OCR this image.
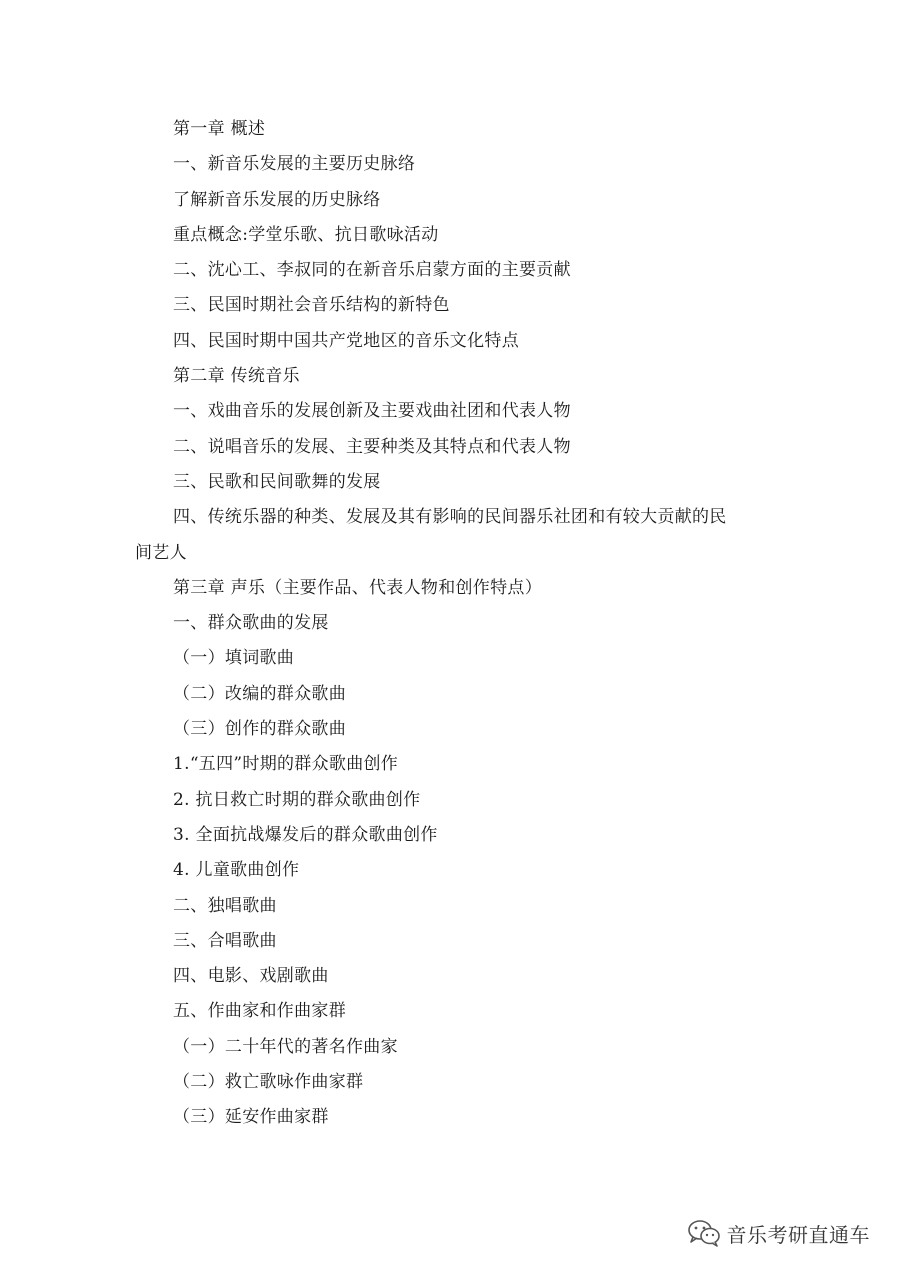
第一章 概述
一、新音乐发展的主要历史脉络
了解新音乐发展的历史脉络
重点概念:学堂乐歌、抗日歌咏活动
二、沈心工、李叔同的在新音乐启蒙方面的主要贡献
三、民国时期社会音乐结构的新特色
四、民国时期中国共产党地区的音乐文化特点
第二章 传统音乐
一、戏曲音乐的发展创新及主要戏曲社团和代表人物
二、说唱音乐的发展、主要种类及其特点和代表人物
三、民歌和民间歌舞的发展
四、传统乐器的种类、发展及其有影响的民间器乐社团和有较大贡献的民
间艺人
第三章 声乐（主要作品、代表人物和创作特点）
一、群众歌曲的发展
（一）填词歌曲
（二）改编的群众歌曲
（三）创作的群众歌曲
1.“五四”时期的群众歌曲创作
2. 抗日救亡时期的群众歌曲创作
3. 全面抗战爆发后的群众歌曲创作
4. 儿童歌曲创作
二、独唱歌曲
三、合唱歌曲
四、电影、戏剧歌曲
五、作曲家和作曲家群
（一）二十年代的著名作曲家
（二）救亡歌咏作曲家群
（三）延安作曲家群
音乐考研直通车
